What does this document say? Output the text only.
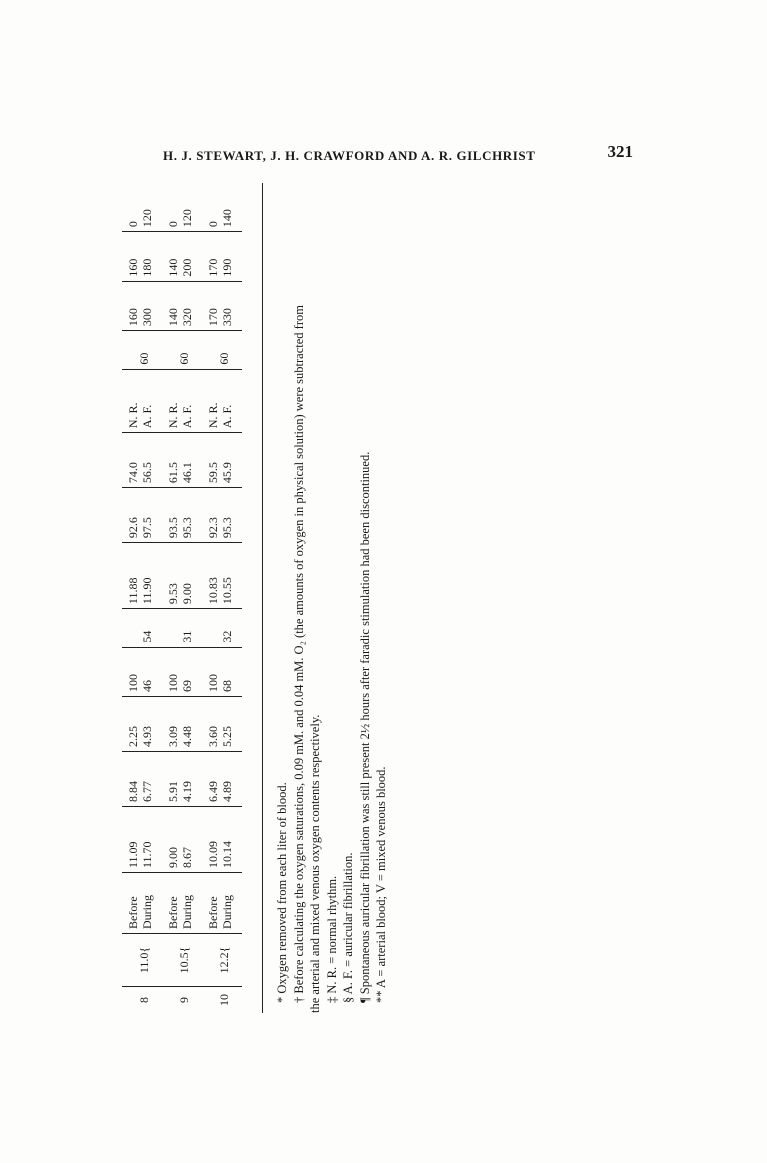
H. J. STEWART, J. H. CRAWFORD AND A. R. GILCHRIST	321
8	11.0{	Before	11.09	8.84	2.25	100		11.88	92.6	74.0	N. R.	60	160	160	0
		During	11.70	6.77	4.93	46	54	11.90	97.5	56.5	A. F.		300	180	120
9	10.5{	Before	9.00	5.91	3.09	100		9.53	93.5	61.5	N. R.	60	140	140	0
		During	8.67	4.19	4.48	69	31	9.00	95.3	46.1	A. F.		320	200	120
10	12.2{	Before	10.09	6.49	3.60	100		10.83	92.3	59.5	N. R.	60	170	170	0
		During	10.14	4.89	5.25	68	32	10.55	95.3	45.9	A. F.		330	190	140

* Oxygen removed from each liter of blood. † Before calculating the oxygen saturations, 0.09 mM. and 0.04 mM. O₂ (the amounts of oxygen in physical solution) were subtracted from the arterial and mixed venous oxygen contents respectively. ‡ N. R. = normal rhythm. § A. F. = auricular fibrillation. ¶ Spontaneous auricular fibrillation was still present 2½ hours after faradic stimulation had been discontinued. ** A = arterial blood; V = mixed venous blood.
